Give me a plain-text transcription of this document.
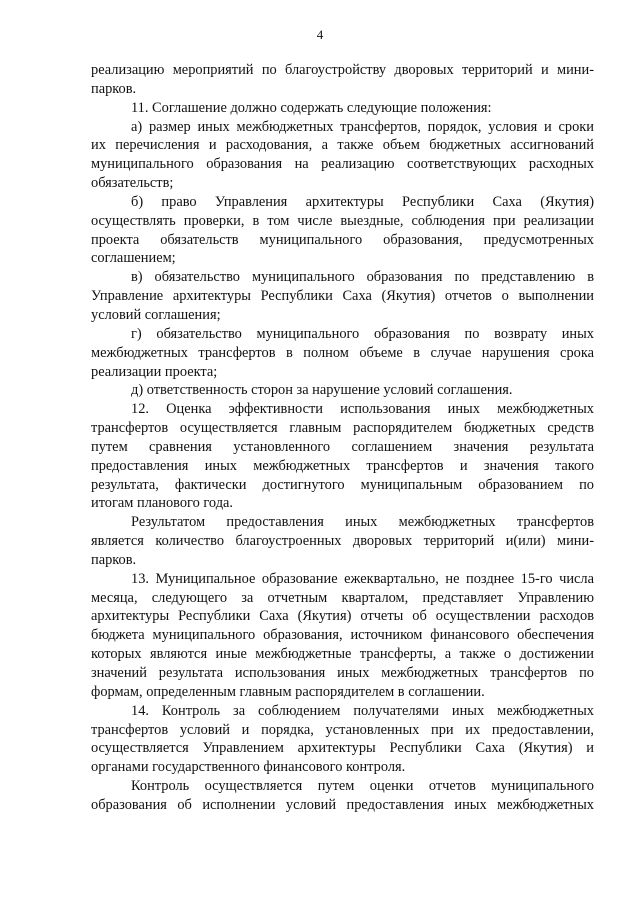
4

реализацию мероприятий по благоустройству дворовых территорий и мини-

парков.

11. Соглашение должно содержать следующие положения:

а) размер иных межбюджетных трансфертов, порядок, условия и сроки

их перечисления и расходования, а также объем бюджетных ассигнований

муниципального образования на реализацию соответствующих расходных

обязательств;

б) право Управления архитектуры Республики Саха (Якутия)

осуществлять проверки, в том числе выездные, соблюдения при реализации

проекта обязательств муниципального образования, предусмотренных

соглашением;

в) обязательство муниципального образования по представлению в

Управление архитектуры Республики Саха (Якутия) отчетов о выполнении

условий соглашения;

г) обязательство муниципального образования по возврату иных

межбюджетных трансфертов в полном объеме в случае нарушения срока

реализации проекта;

д) ответственность сторон за нарушение условий соглашения.

12. Оценка эффективности использования иных межбюджетных

трансфертов осуществляется главным распорядителем бюджетных средств

путем сравнения установленного соглашением значения результата

предоставления иных межбюджетных трансфертов и значения такого

результата, фактически достигнутого муниципальным образованием по

итогам планового года.

Результатом предоставления иных межбюджетных трансфертов

является количество благоустроенных дворовых территорий и(или) мини-

парков.

13. Муниципальное образование ежеквартально, не позднее 15-го числа

месяца, следующего за отчетным кварталом, представляет Управлению

архитектуры Республики Саха (Якутия) отчеты об осуществлении расходов

бюджета муниципального образования, источником финансового обеспечения

которых являются иные межбюджетные трансферты, а также о достижении

значений результата использования иных межбюджетных трансфертов по

формам, определенным главным распорядителем в соглашении.

14. Контроль за соблюдением получателями иных межбюджетных

трансфертов условий и порядка, установленных при их предоставлении,

осуществляется Управлением архитектуры Республики Саха (Якутия) и

органами государственного финансового контроля.

Контроль осуществляется путем оценки отчетов муниципального

образования об исполнении условий предоставления иных межбюджетных
